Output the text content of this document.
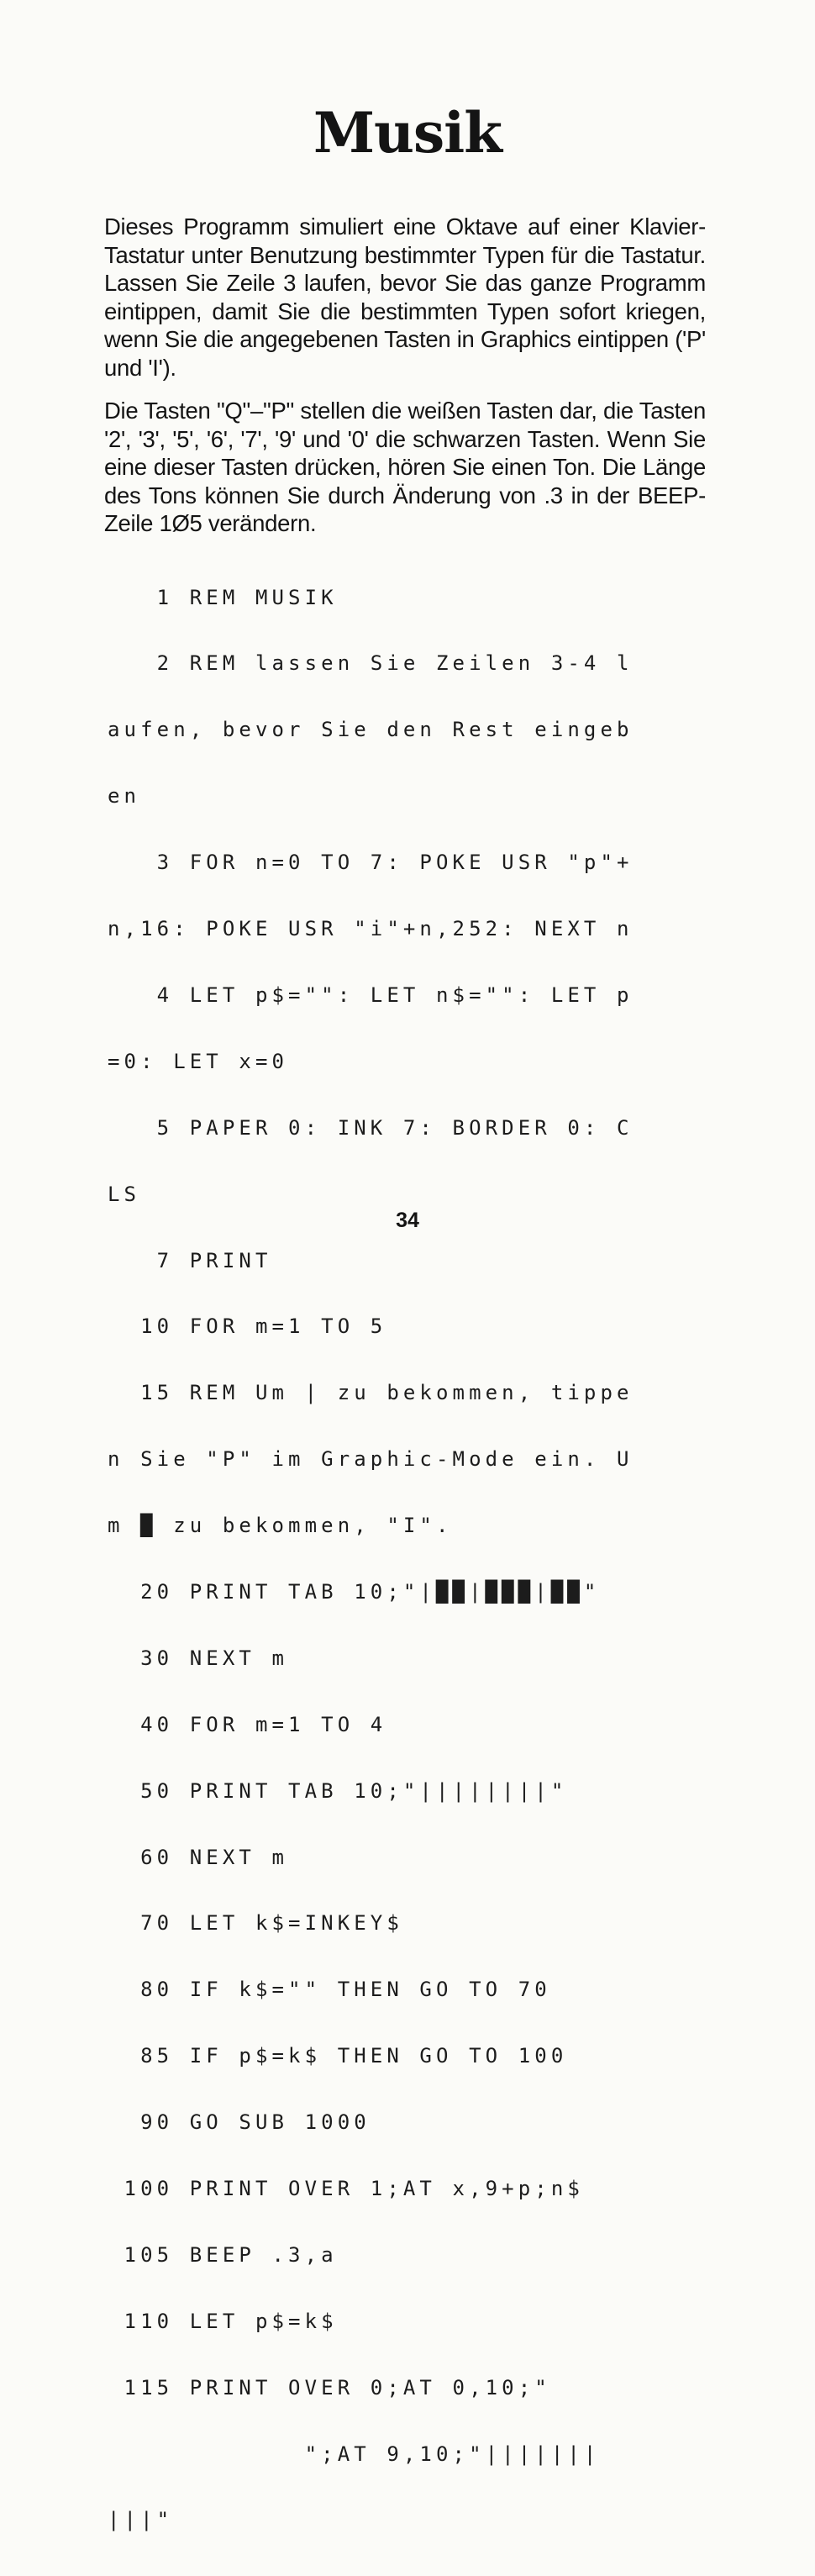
Musik
Dieses Programm simuliert eine Oktave auf einer Klavier-Tastatur unter Benutzung bestimmter Typen für die Tastatur. Lassen Sie Zeile 3 laufen, bevor Sie das ganze Programm eintippen, damit Sie die bestimmten Typen sofort kriegen, wenn Sie die angegebenen Tasten in Graphics eintippen ('P' und 'I').
Die Tasten "Q"–"P" stellen die weißen Tasten dar, die Tasten '2', '3', '5', '6', '7', '9' und '0' die schwarzen Tasten. Wenn Sie eine dieser Tasten drücken, hören Sie einen Ton. Die Länge des Tons können Sie durch Änderung von .3 in der BEEP-Zeile 1Ø5 verändern.

1 REM MUSIK

2 REM lassen Sie Zeilen 3-4 l

aufen, bevor Sie den Rest eingeb

en

3 FOR n=0 TO 7: POKE USR "p"+

n,16: POKE USR "i"+n,252: NEXT n

4 LET p$="": LET n$="": LET p

=0: LET x=0

5 PAPER 0: INK 7: BORDER 0: C

LS

7 PRINT

10 FOR m=1 TO 5

15 REM Um | zu bekommen, tippe

n Sie "P" im Graphic-Mode ein. U

m █ zu bekommen, "I".

20 PRINT TAB 10;"|██|███|██"

30 NEXT m

40 FOR m=1 TO 4

50 PRINT TAB 10;"||||||||"

60 NEXT m

70 LET k$=INKEY$

80 IF k$="" THEN GO TO 70

85 IF p$=k$ THEN GO TO 100

90 GO SUB 1000

100 PRINT OVER 1;AT x,9+p;n$

105 BEEP .3,a

110 LET p$=k$

115 PRINT OVER 0;AT 0,10;"

";AT 9,10;"|||||||

|||"

34
